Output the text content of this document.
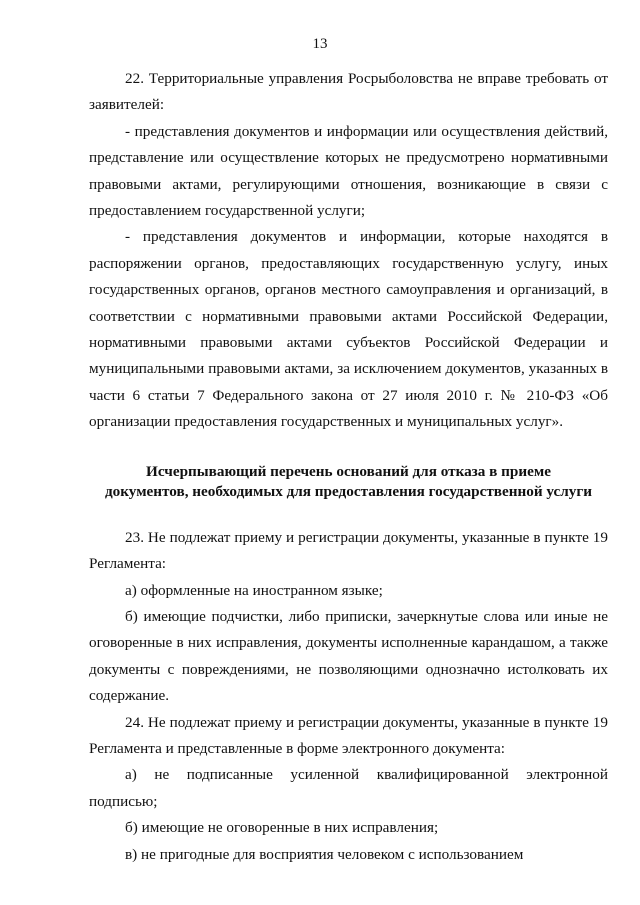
13

22. Территориальные управления Росрыболовства не вправе требовать от заявителей:

- представления документов и информации или осуществления действий, представление или осуществление которых не предусмотрено нормативными правовыми актами, регулирующими отношения, возникающие в связи с предоставлением государственной услуги;

- представления документов и информации, которые находятся в распоряжении органов, предоставляющих государственную услугу, иных государственных органов, органов местного самоуправления и организаций, в соответствии с нормативными правовыми актами Российской Федерации, нормативными правовыми актами субъектов Российской Федерации и муниципальными правовыми актами, за исключением документов, указанных в части 6 статьи 7 Федерального закона от 27 июля 2010 г. № 210-ФЗ «Об организации предоставления государственных и муниципальных услуг».

Исчерпывающий перечень оснований для отказа в приеме
документов, необходимых для предоставления государственной услуги

23. Не подлежат приему и регистрации документы, указанные в пункте 19 Регламента:

а) оформленные на иностранном языке;

б) имеющие подчистки, либо приписки, зачеркнутые слова или иные не оговоренные в них исправления, документы исполненные карандашом, а также документы с повреждениями, не позволяющими однозначно истолковать их содержание.

24. Не подлежат приему и регистрации документы, указанные в пункте 19 Регламента и представленные в форме электронного документа:

а) не подписанные усиленной квалифицированной электронной подписью;

б) имеющие не оговоренные в них исправления;

в) не пригодные для восприятия человеком с использованием
